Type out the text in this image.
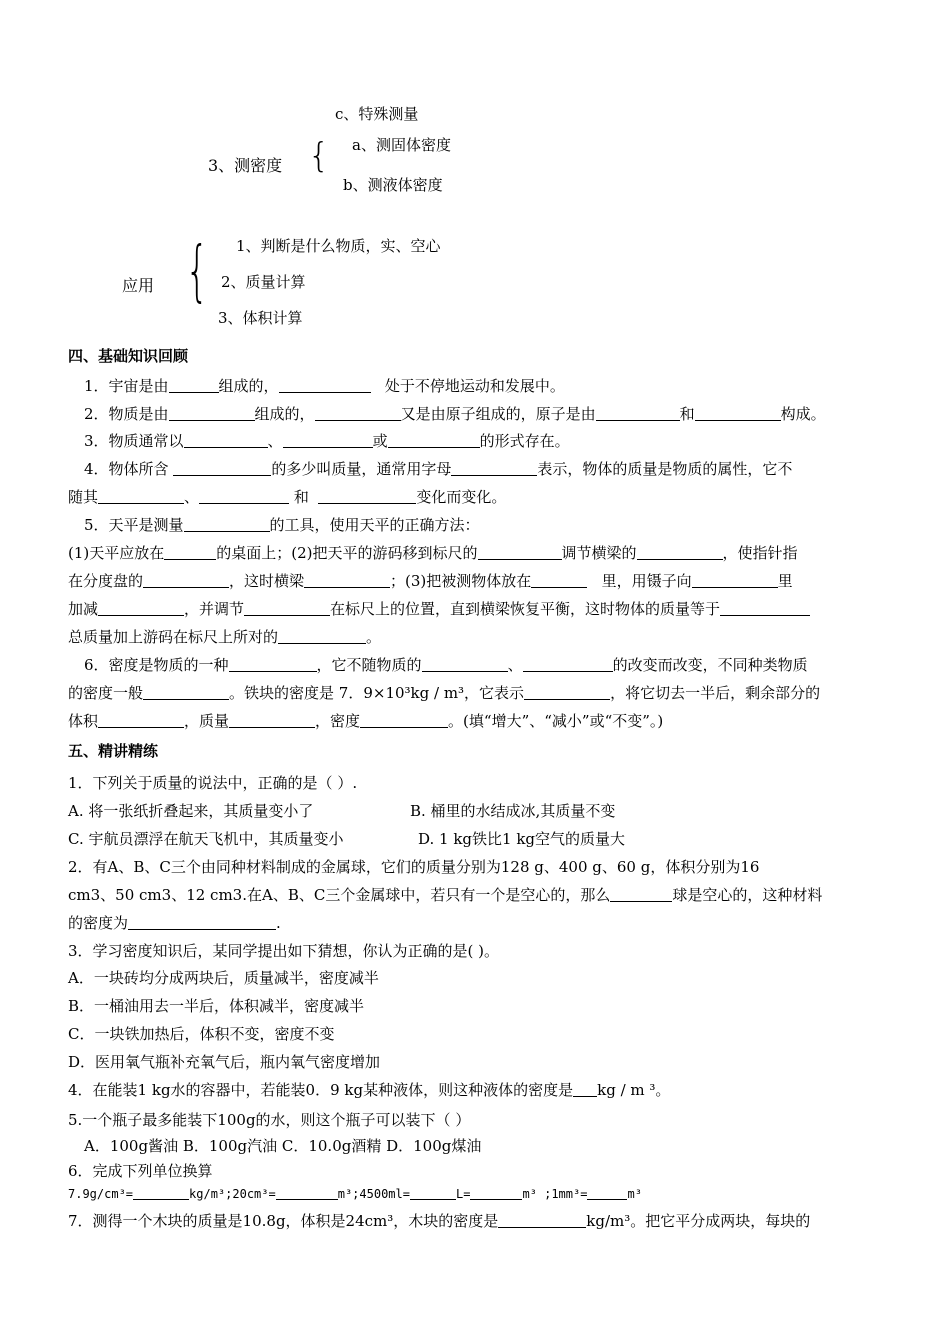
c、特殊测量
3、测密度 { a、测固体密度
b、测液体密度
应用 { 1、判断是什么物质，实、空心
2、质量计算
3、体积计算
四、基础知识回顾
1．宇宙是由	组成的，	处于不停地运动和发展中。
2．物质是由	组成的，	又是由原子组成的，原子是由	和	构成。
3．物质通常以	、	或	的形式存在。
4．物体所含	的多少叫质量，通常用字母	表示，物体的质量是物质的属性，它不
随其	、	和	变化而变化。
5．天平是测量	的工具，使用天平的正确方法：
(1)天平应放在	的桌面上；(2)把天平的游码移到标尺的	调节横梁的	，使指针指
在分度盘的	，这时横梁	；(3)把被测物体放在	里，用镊子向	里
加减	，并调节	在标尺上的位置，直到横梁恢复平衡，这时物体的质量等于
总质量加上游码在标尺上所对的	。
6．密度是物质的一种	，它不随物质的	、	的改变而改变，不同种类物质
的密度一般	。铁块的密度是 7．9×10³kg / m³，它表示	，将它切去一半后，剩余部分的
体积	，质量	，密度	。(填“增大”、“减小”或“不变”。)
五、精讲精练
1．下列关于质量的说法中，正确的是（ ）.
A. 将一张纸折叠起来，其质量变小了	B. 桶里的水结成冰,其质量不变
C. 宇航员漂浮在航天飞机中，其质量变小	D. 1 kg铁比1 kg空气的质量大
2．有A、B、C三个由同种材料制成的金属球，它们的质量分别为128 g、400 g、60 g，体积分别为16
cm3、50 cm3、12 cm3.在A、B、C三个金属球中，若只有一个是空心的，那么	球是空心的，这种材料
的密度为	.
3．学习密度知识后，某同学提出如下猜想，你认为正确的是( )。
A．一块砖均分成两块后，质量减半，密度减半
B．一桶油用去一半后，体积减半，密度减半
C．一块铁加热后，体积不变，密度不变
D．医用氧气瓶补充氧气后，瓶内氧气密度增加
4．在能装1 kg水的容器中，若能装0．9 kg某种液体，则这种液体的密度是 kg / m ³。
5.一个瓶子最多能装下100g的水，则这个瓶子可以装下（ ）
A．100g酱油 B．100g汽油 C．10.0g酒精 D．100g煤油
6．完成下列单位换算
7.9g/cm³=	kg/m³;20cm³=	m³;4500ml=	L=	m³ ;1mm³=	m³
7．测得一个木块的质量是10.8g，体积是24cm³，木块的密度是	kg/m³。把它平分成两块，每块的
